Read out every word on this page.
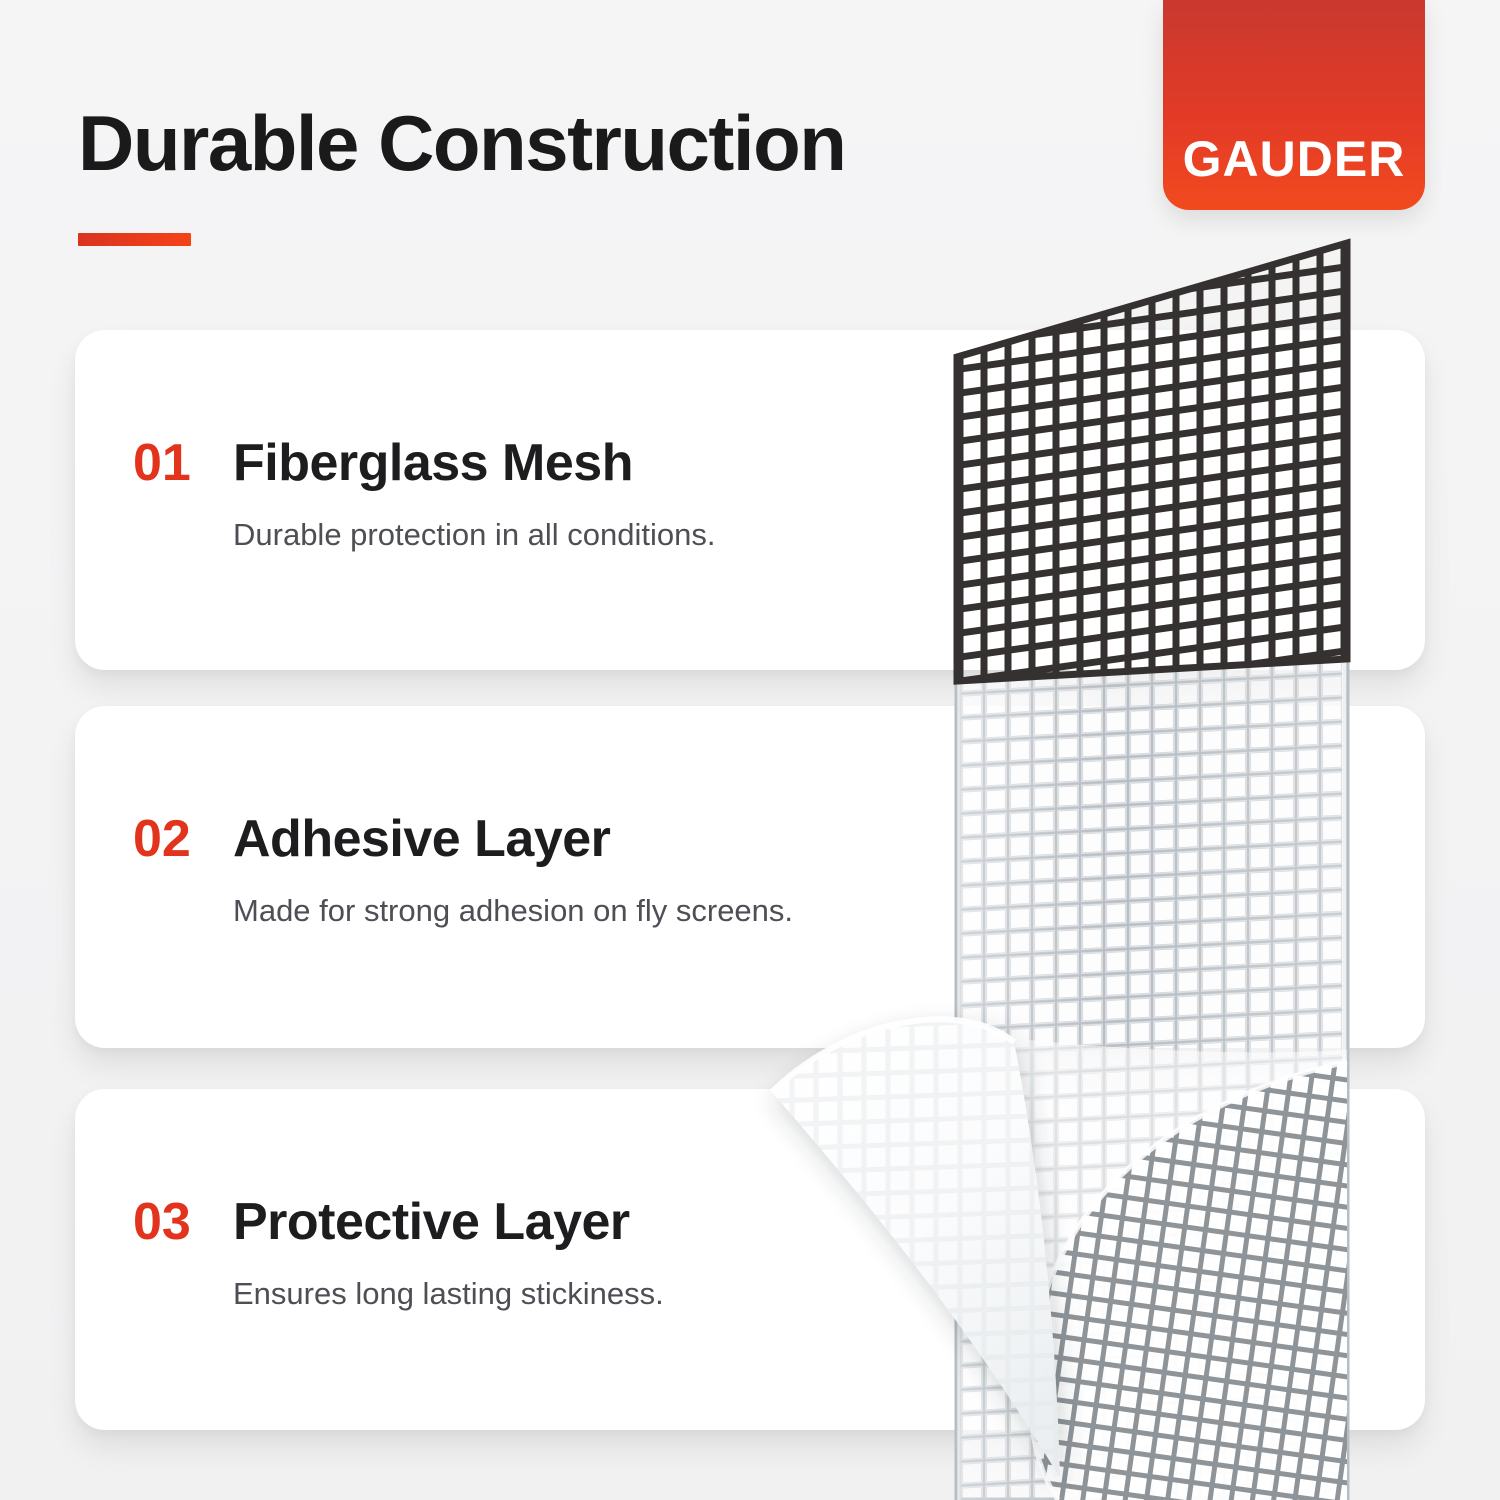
Durable Construction	GAUDER
01 Fiberglass Mesh
Durable protection in all conditions.
02 Adhesive Layer
Made for strong adhesion on fly screens.
03 Protective Layer
Ensures long lasting stickiness.
